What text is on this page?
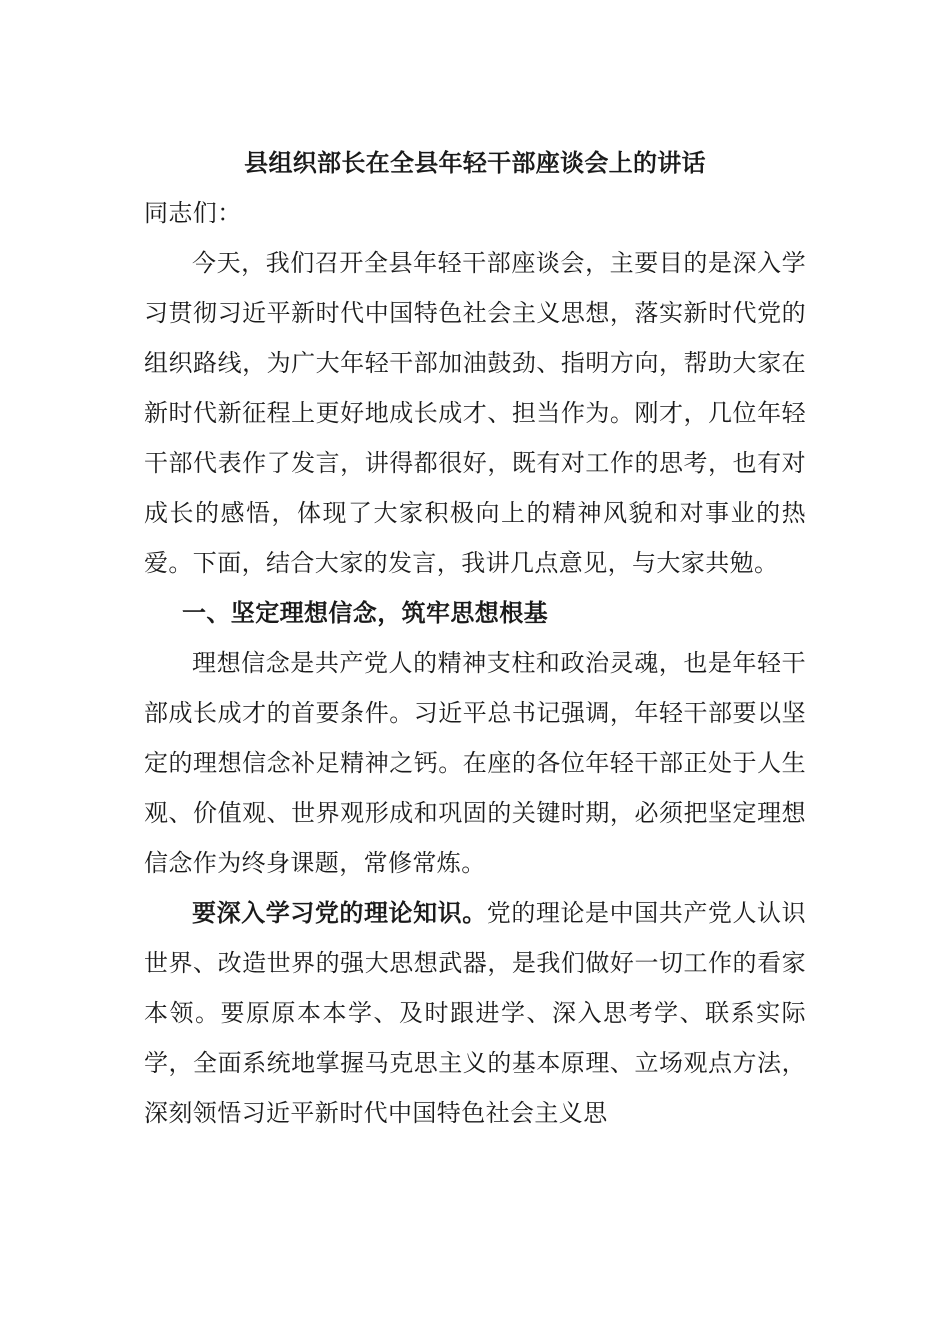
县组织部长在全县年轻干部座谈会上的讲话

同志们：

今天，我们召开全县年轻干部座谈会，主要目的是深入学习贯彻习近平新时代中国特色社会主义思想，落实新时代党的组织路线，为广大年轻干部加油鼓劲、指明方向，帮助大家在新时代新征程上更好地成长成才、担当作为。刚才，几位年轻干部代表作了发言，讲得都很好，既有对工作的思考，也有对成长的感悟，体现了大家积极向上的精神风貌和对事业的热爱。下面，结合大家的发言，我讲几点意见，与大家共勉。

一、坚定理想信念，筑牢思想根基

理想信念是共产党人的精神支柱和政治灵魂，也是年轻干部成长成才的首要条件。习近平总书记强调，年轻干部要以坚定的理想信念补足精神之钙。在座的各位年轻干部正处于人生观、价值观、世界观形成和巩固的关键时期，必须把坚定理想信念作为终身课题，常修常炼。

要深入学习党的理论知识。党的理论是中国共产党人认识世界、改造世界的强大思想武器，是我们做好一切工作的看家本领。要原原本本学、及时跟进学、深入思考学、联系实际学，全面系统地掌握马克思主义的基本原理、立场观点方法，深刻领悟习近平新时代中国特色社会主义思
